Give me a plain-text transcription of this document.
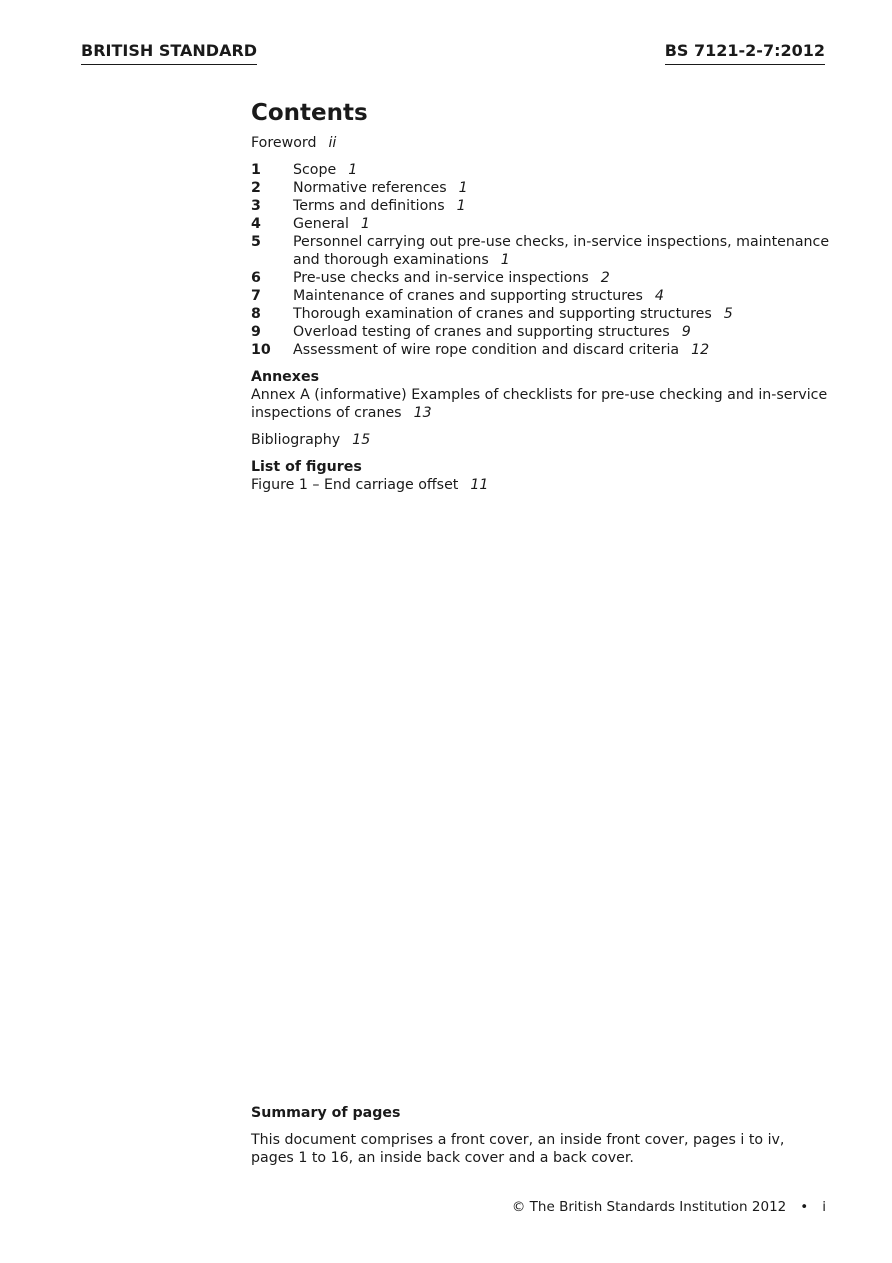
BRITISH STANDARD	BS 7121-2-7:2012
Contents
Foreword ii
1	Scope 1
2	Normative references 1
3	Terms and definitions 1
4	General 1
5	Personnel carrying out pre-use checks, in-service inspections, maintenance
and thorough examinations 1
6	Pre-use checks and in-service inspections 2
7	Maintenance of cranes and supporting structures 4
8	Thorough examination of cranes and supporting structures 5
9	Overload testing of cranes and supporting structures 9
10	Assessment of wire rope condition and discard criteria 12
Annexes
Annex A (informative) Examples of checklists for pre-use checking and in-service
inspections of cranes 13
Bibliography 15
List of figures
Figure 1 – End carriage offset 11
Summary of pages
This document comprises a front cover, an inside front cover, pages i to iv,
pages 1 to 16, an inside back cover and a back cover.
© The British Standards Institution 2012 • i
